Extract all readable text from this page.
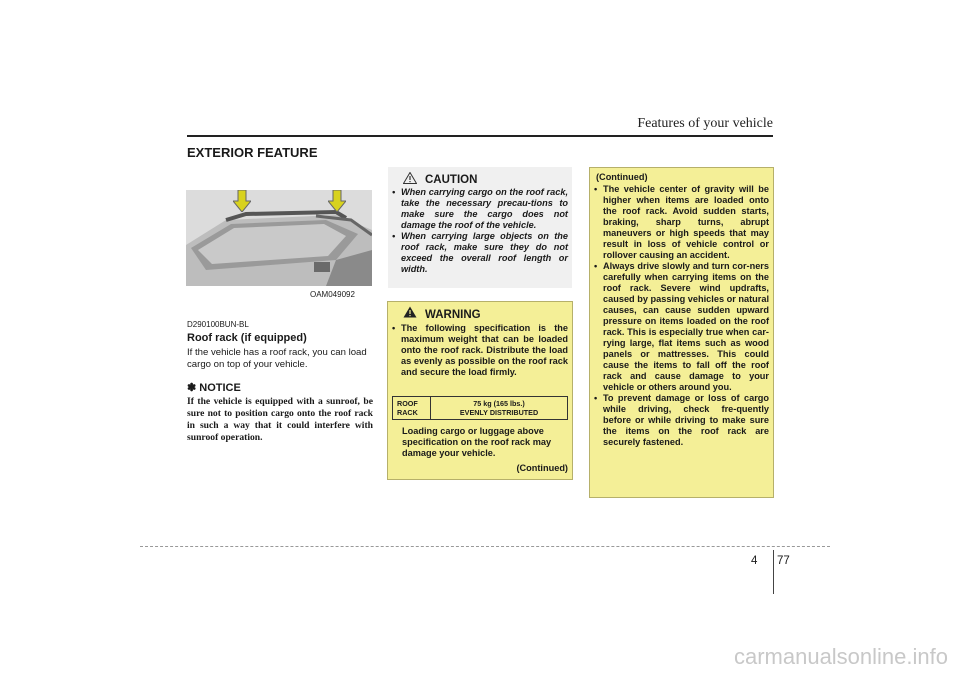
Features of your vehicle
EXTERIOR FEATURE
OAM049092
D290100BUN-BL
Roof rack (if equipped)
If the vehicle has a roof rack, you can load cargo on top of your vehicle.
✽ NOTICE
If the vehicle is equipped with a sunroof, be sure not to position cargo onto the roof rack in such a way that it could interfere with sunroof operation.
CAUTION
• When carrying cargo on the roof rack, take the necessary precau-tions to make sure the cargo does not damage the roof of the vehicle.
• When carrying large objects on the roof rack, make sure they do not exceed the overall roof length or width.
WARNING
• The following specification is the maximum weight that can be loaded onto the roof rack. Distribute the load as evenly as possible on the roof rack and secure the load firmly.
ROOF
RACK
75 kg (165 lbs.)
EVENLY DISTRIBUTED
Loading cargo or luggage above specification on the roof rack may damage your vehicle.
(Continued)
(Continued)
• The vehicle center of gravity will be higher when items are loaded onto the roof rack. Avoid sudden starts, braking, sharp turns, abrupt maneuvers or high speeds that may result in loss of vehicle control or rollover causing an accident.
• Always drive slowly and turn cor-ners carefully when carrying items on the roof rack. Severe wind updrafts, caused by passing vehicles or natural causes, can cause sudden upward pressure on items loaded on the roof rack. This is especially true when car-rying large, flat items such as wood panels or mattresses. This could cause the items to fall off the roof rack and cause damage to your vehicle or others around you.
• To prevent damage or loss of cargo while driving, check fre-quently before or while driving to make sure the items on the roof rack are securely fastened.
4 77
carmanualsonline.info
